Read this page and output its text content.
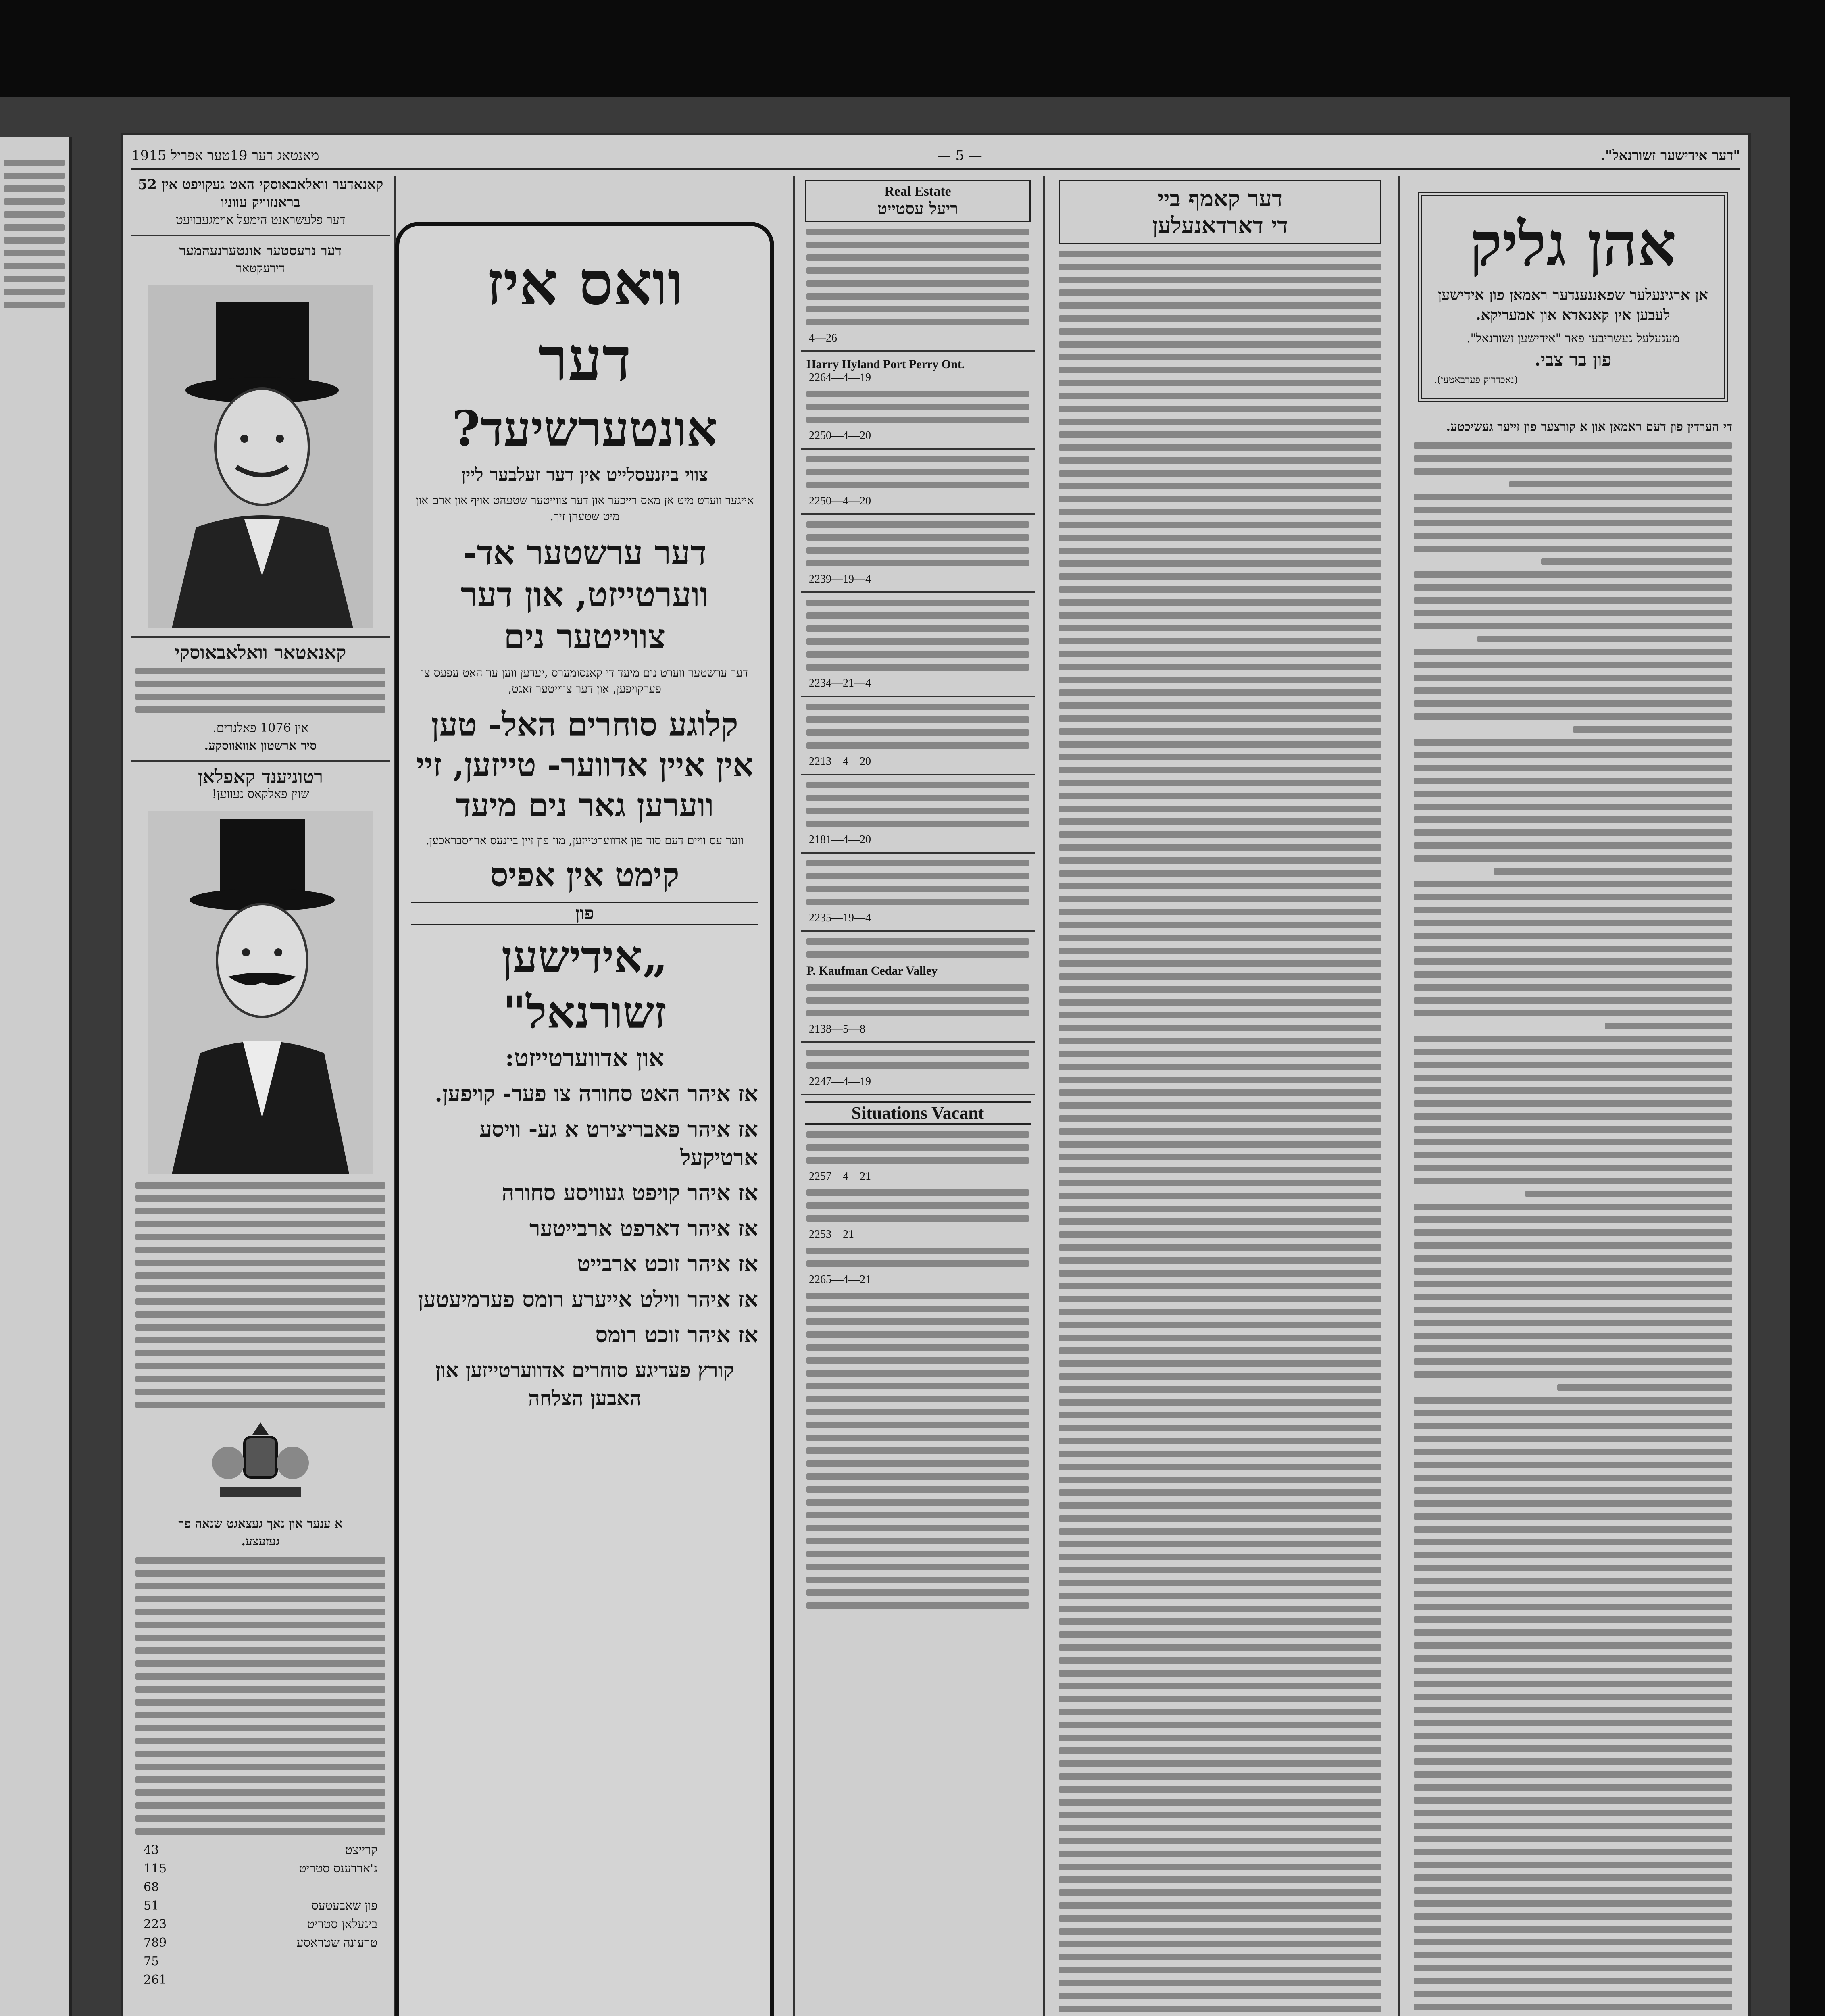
"דער אידישער זשורנאל".
— 5 —
מאנטאג דער 19טער אפריל 1915
אהן גליק
אן ארגינעלער שפאננענדער ראמאן פון אידישען לעבען אין קאנאדא און אמעריקא.
מעגעלעל געשריבען פאר "אידישען זשורנאל".
פון בר צבי.
(נאכדרוק פערבאטען).
די הערדין פון דעם ראמאן און א קורצער פון זייער געשיכטע.
דער קאמף ביי
די דארדאנעלען
Real Estate
ריעל עסטייט
4—26
Harry Hyland Port Perry Ont.
2264—4—19
2250—4—20
2250—4—20
2239—19—4
2234—21—4
2213—4—20
2181—4—20
2235—19—4
P. Kaufman Cedar Valley
2138—5—8
2247—4—19
Situations Vacant
2257—4—21
2253—21
2265—4—21
קאנאדער וואלאבאוסקי האט געקויפט אין 52 בראנזוויק עווניו
דער פלעשראנט הימעל אוימגעבויעט
דער נרעסטער אונטערנעהמער
דירעקטאר
קאנאטאר וואלאבאוסקי
אין 1076 פאלנרים.
סיר ארשטון אוואווסקע.
רטוניענד קאפלאן
שוין פאלקאס נעווען!
א ענער און נאך געצאגט שנאה פר
געזעצע.
43	קרייצט
115	ג'ארדענס סטריט
68
51	פון שאבעטעס
223	ביגעלאן סטריט
789	טרעונה שטראסע
75
261

וואס איז

דער

אונטערשיעד?

צווי ביזנעסלייט אין דער זעלבער ליין

אייגער וועדט מיט אן מאס רייכער און דער צווייטער שטעהט אויף און ארם און מיט שטעהן זיך.

דער ערשטער אד- ווערטייזט, און דער צווייטער נים

דער ערשטער ווערט נים מיעד די קאנסומערס ,יעדען ווען ער האט עפעס צו פערקויפען, און דער צווייטער זאגט,

קלוגע סוחרים האל- טען אין איין אדווער- טייזען, זיי ווערען גאר נים מיעד

ווער עס וויים דעם סוד פון אדווערטייזען, מוז פון זיין ביזנעס ארויסבראכען.

קימט אין אפיס

פון

„אידישען

זשורנאל"

און אדווערטייזט:

אז איהר האט סחורה צו פער- קויפען.

אז איהר פאבריצירט א גע- וויסע ארטיקעל

אז איהר קויפט געוויסע סחורה

אז איהר דארפט ארבייטער

אז איהר זוכט ארבייט

אז איהר ווילט אייערע רומס פערמיעטען

אז איהר זוכט רומס

קורץ פעדיגע סוחרים אדווערטייזען און האבען הצלחה
